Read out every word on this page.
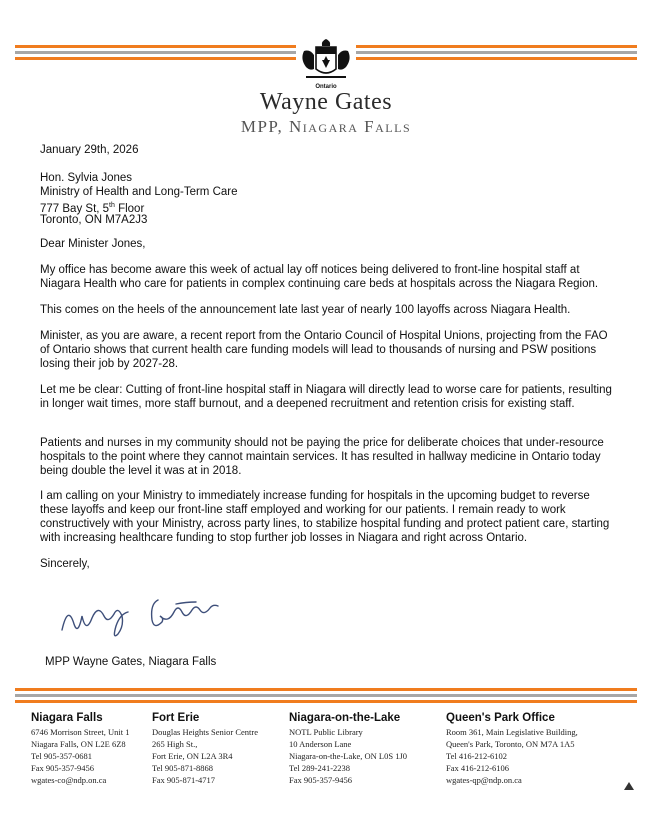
Ontario
Wayne Gates
MPP, Niagara Falls
January 29th, 2026
Hon. Sylvia Jones
Ministry of Health and Long-Term Care
777 Bay St, 5th Floor
Toronto, ON M7A2J3
Dear Minister Jones,

My office has become aware this week of actual lay off notices being delivered to front-line hospital staff at Niagara Health who care for patients in complex continuing care beds at hospitals across the Niagara Region.

This comes on the heels of the announcement late last year of nearly 100 layoffs across Niagara Health.

Minister, as you are aware, a recent report from the Ontario Council of Hospital Unions, projecting from the FAO of Ontario shows that current health care funding models will lead to thousands of nursing and PSW positions losing their job by 2027-28.

Let me be clear: Cutting of front-line hospital staff in Niagara will directly lead to worse care for patients, resulting in longer wait times, more staff burnout, and a deepened recruitment and retention crisis for existing staff.

Patients and nurses in my community should not be paying the price for deliberate choices that under-resource hospitals to the point where they cannot maintain services. It has resulted in hallway medicine in Ontario today being double the level it was at in 2018.

I am calling on your Ministry to immediately increase funding for hospitals in the upcoming budget to reverse these layoffs and keep our front-line staff employed and working for our patients. I remain ready to work constructively with your Ministry, across party lines, to stabilize hospital funding and protect patient care, starting with increasing healthcare funding to stop further job losses in Niagara and right across Ontario.

Sincerely,
MPP Wayne Gates, Niagara Falls
Niagara Falls
6746 Morrison Street, Unit 1
Niagara Falls, ON L2E 6Z8
Tel 905-357-0681
Fax 905-357-9456
wgates-co@ndp.on.ca
Fort Erie
Douglas Heights Senior Centre
265 High St.,
Fort Erie, ON L2A 3R4
Tel 905-871-8868
Fax 905-871-4717
Niagara-on-the-Lake
NOTL Public Library
10 Anderson Lane
Niagara-on-the-Lake, ON L0S 1J0
Tel 289-241-2238
Fax 905-357-9456
Queen's Park Office
Room 361, Main Legislative Building,
Queen's Park, Toronto, ON M7A 1A5
Tel 416-212-6102
Fax 416-212-6106
wgates-qp@ndp.on.ca
